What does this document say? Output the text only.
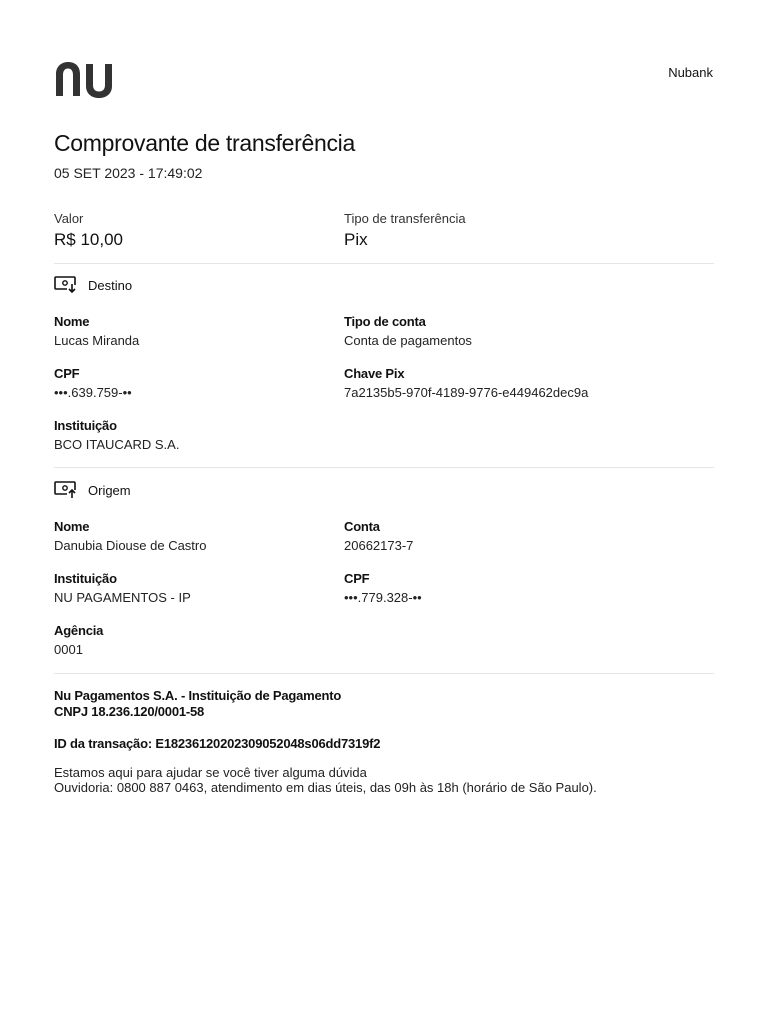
Nubank
Comprovante de transferência
05 SET 2023 - 17:49:02
Valor
R$ 10,00
Tipo de transferência
Pix
Destino
Nome
Lucas Miranda
Tipo de conta
Conta de pagamentos
CPF
•••.639.759-••
Chave Pix
7a2135b5-970f-4189-9776-e449462dec9a
Instituição
BCO ITAUCARD S.A.
Origem
Nome
Danubia Diouse de Castro
Conta
20662173-7
Instituição
NU PAGAMENTOS - IP
CPF
•••.779.328-••
Agência
0001
Nu Pagamentos S.A. - Instituição de Pagamento
CNPJ 18.236.120/0001-58
ID da transação: E18236120202309052048s06dd7319f2
Estamos aqui para ajudar se você tiver alguma dúvida
Ouvidoria: 0800 887 0463, atendimento em dias úteis, das 09h às 18h (horário de São Paulo).
